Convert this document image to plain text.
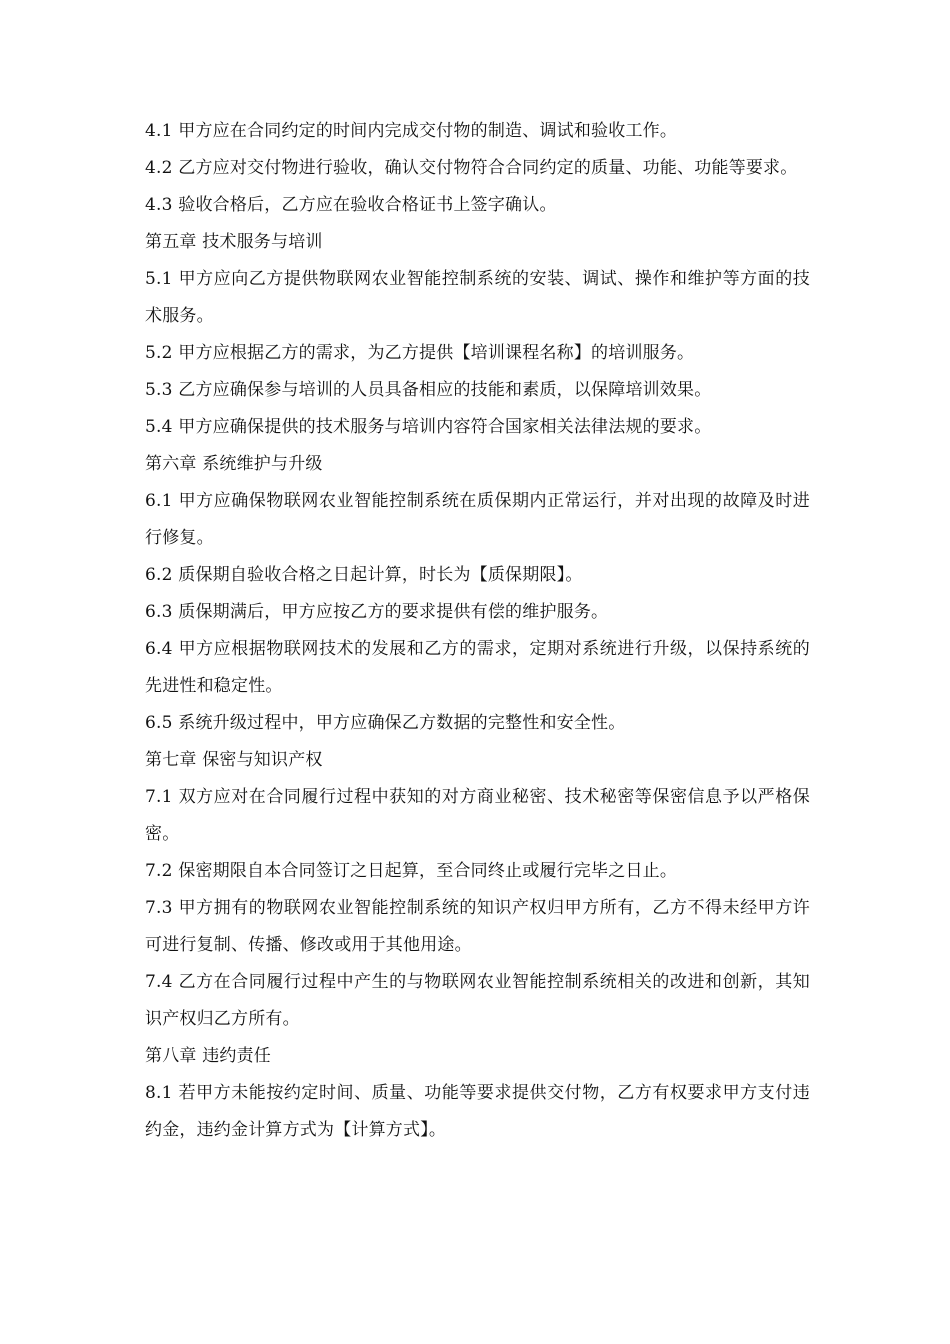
4.1 甲方应在合同约定的时间内完成交付物的制造、调试和验收工作。

4.2 乙方应对交付物进行验收，确认交付物符合合同约定的质量、功能、功能等要求。

4.3 验收合格后，乙方应在验收合格证书上签字确认。

第五章 技术服务与培训

5.1 甲方应向乙方提供物联网农业智能控制系统的安装、调试、操作和维护等方面的技术服务。

5.2 甲方应根据乙方的需求，为乙方提供【培训课程名称】的培训服务。

5.3 乙方应确保参与培训的人员具备相应的技能和素质，以保障培训效果。

5.4 甲方应确保提供的技术服务与培训内容符合国家相关法律法规的要求。

第六章 系统维护与升级

6.1 甲方应确保物联网农业智能控制系统在质保期内正常运行，并对出现的故障及时进行修复。

6.2 质保期自验收合格之日起计算，时长为【质保期限】。

6.3 质保期满后，甲方应按乙方的要求提供有偿的维护服务。

6.4 甲方应根据物联网技术的发展和乙方的需求，定期对系统进行升级，以保持系统的先进性和稳定性。

6.5 系统升级过程中，甲方应确保乙方数据的完整性和安全性。

第七章 保密与知识产权

7.1 双方应对在合同履行过程中获知的对方商业秘密、技术秘密等保密信息予以严格保密。

7.2 保密期限自本合同签订之日起算，至合同终止或履行完毕之日止。

7.3 甲方拥有的物联网农业智能控制系统的知识产权归甲方所有，乙方不得未经甲方许可进行复制、传播、修改或用于其他用途。

7.4 乙方在合同履行过程中产生的与物联网农业智能控制系统相关的改进和创新，其知识产权归乙方所有。

第八章 违约责任

8.1 若甲方未能按约定时间、质量、功能等要求提供交付物，乙方有权要求甲方支付违约金，违约金计算方式为【计算方式】。
